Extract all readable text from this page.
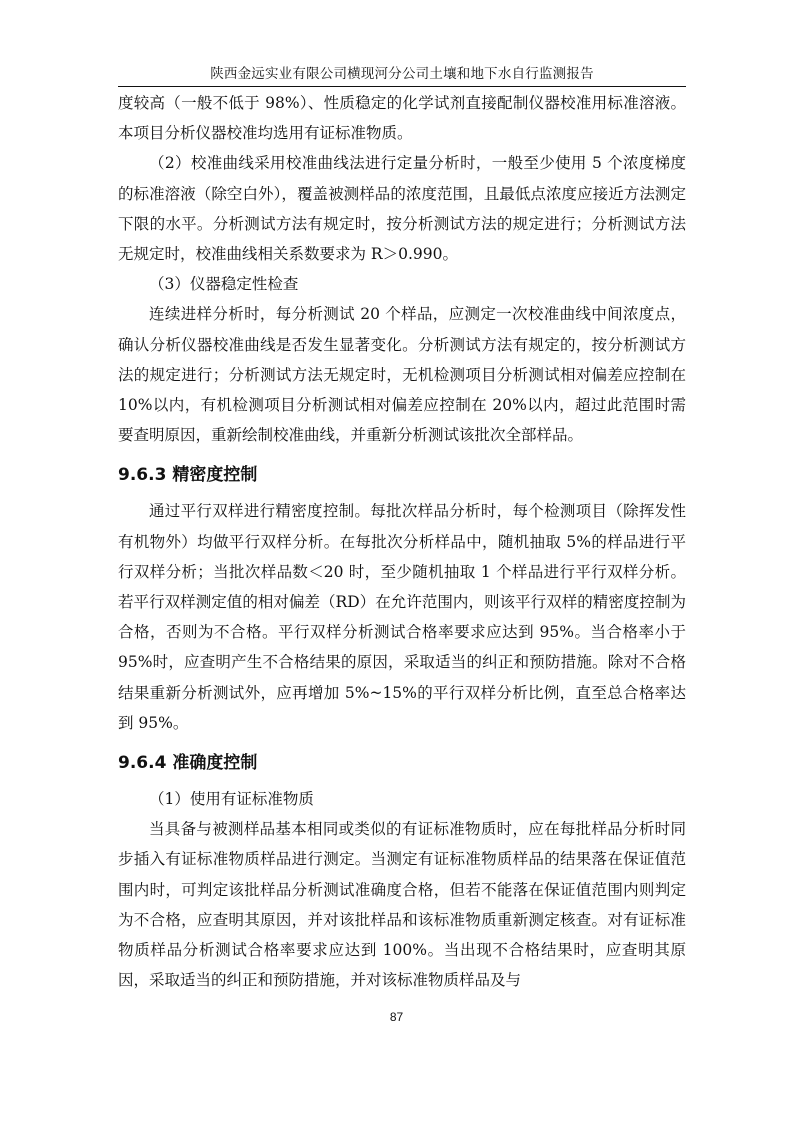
陕西金远实业有限公司横现河分公司土壤和地下水自行监测报告

度较高（一般不低于 98%）、性质稳定的化学试剂直接配制仪器校准用标准溶液。本项目分析仪器校准均选用有证标准物质。

（2）校准曲线采用校准曲线法进行定量分析时，一般至少使用 5 个浓度梯度的标准溶液（除空白外），覆盖被测样品的浓度范围，且最低点浓度应接近方法测定下限的水平。分析测试方法有规定时，按分析测试方法的规定进行；分析测试方法无规定时，校准曲线相关系数要求为 R＞0.990。

（3）仪器稳定性检查

连续进样分析时，每分析测试 20 个样品，应测定一次校准曲线中间浓度点，确认分析仪器校准曲线是否发生显著变化。分析测试方法有规定的，按分析测试方法的规定进行；分析测试方法无规定时，无机检测项目分析测试相对偏差应控制在 10%以内，有机检测项目分析测试相对偏差应控制在 20%以内，超过此范围时需要查明原因，重新绘制校准曲线，并重新分析测试该批次全部样品。

9.6.3 精密度控制

通过平行双样进行精密度控制。每批次样品分析时，每个检测项目（除挥发性有机物外）均做平行双样分析。在每批次分析样品中，随机抽取 5%的样品进行平行双样分析；当批次样品数＜20 时，至少随机抽取 1 个样品进行平行双样分析。若平行双样测定值的相对偏差（RD）在允许范围内，则该平行双样的精密度控制为合格，否则为不合格。平行双样分析测试合格率要求应达到 95%。当合格率小于 95%时，应查明产生不合格结果的原因，采取适当的纠正和预防措施。除对不合格结果重新分析测试外，应再增加 5%~15%的平行双样分析比例，直至总合格率达到 95%。

9.6.4 准确度控制

（1）使用有证标准物质

当具备与被测样品基本相同或类似的有证标准物质时，应在每批样品分析时同步插入有证标准物质样品进行测定。当测定有证标准物质样品的结果落在保证值范围内时，可判定该批样品分析测试准确度合格，但若不能落在保证值范围内则判定为不合格，应查明其原因，并对该批样品和该标准物质重新测定核查。对有证标准物质样品分析测试合格率要求应达到 100%。当出现不合格结果时，应查明其原因，采取适当的纠正和预防措施，并对该标准物质样品及与

87
